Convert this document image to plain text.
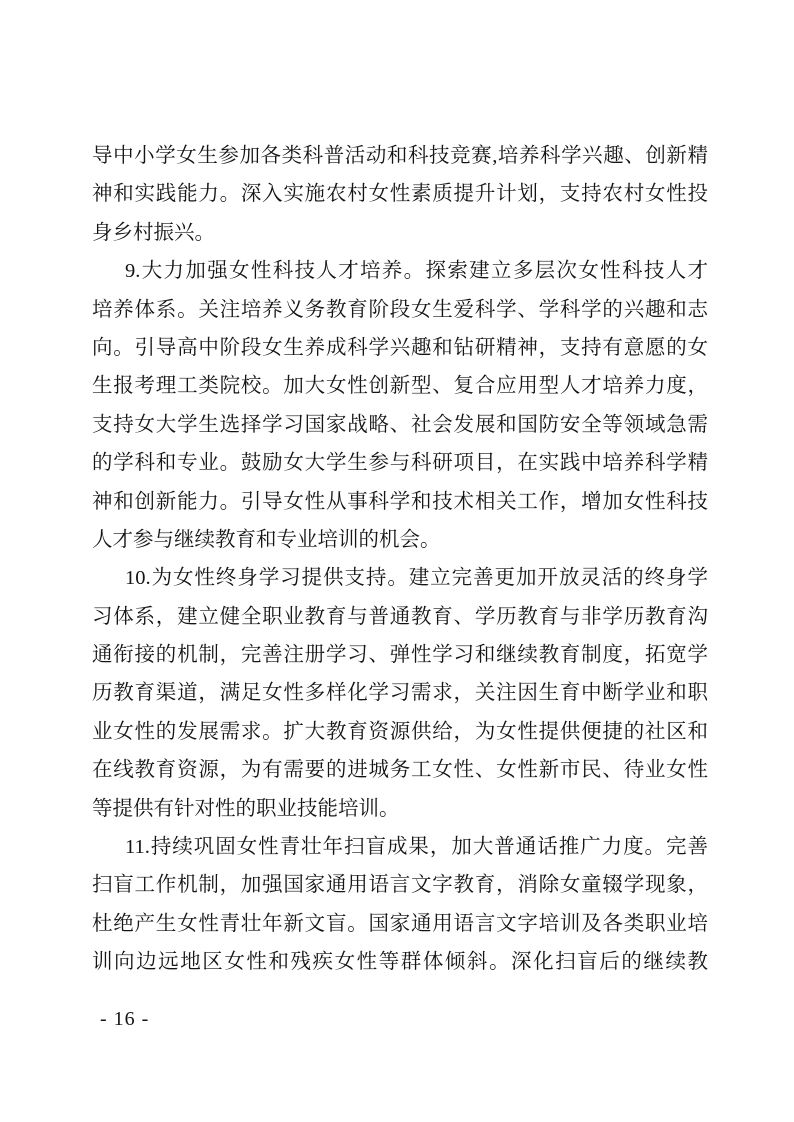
导中小学女生参加各类科普活动和科技竞赛,培养科学兴趣、创新精
神和实践能力。深入实施农村女性素质提升计划，支持农村女性投
身乡村振兴。
9.大力加强女性科技人才培养。探索建立多层次女性科技人才
培养体系。关注培养义务教育阶段女生爱科学、学科学的兴趣和志
向。引导高中阶段女生养成科学兴趣和钻研精神，支持有意愿的女
生报考理工类院校。加大女性创新型、复合应用型人才培养力度，
支持女大学生选择学习国家战略、社会发展和国防安全等领域急需
的学科和专业。鼓励女大学生参与科研项目，在实践中培养科学精
神和创新能力。引导女性从事科学和技术相关工作，增加女性科技
人才参与继续教育和专业培训的机会。
10.为女性终身学习提供支持。建立完善更加开放灵活的终身学
习体系，建立健全职业教育与普通教育、学历教育与非学历教育沟
通衔接的机制，完善注册学习、弹性学习和继续教育制度，拓宽学
历教育渠道，满足女性多样化学习需求，关注因生育中断学业和职
业女性的发展需求。扩大教育资源供给，为女性提供便捷的社区和
在线教育资源，为有需要的进城务工女性、女性新市民、待业女性
等提供有针对性的职业技能培训。
11.持续巩固女性青壮年扫盲成果，加大普通话推广力度。完善
扫盲工作机制，加强国家通用语言文字教育，消除女童辍学现象，
杜绝产生女性青壮年新文盲。国家通用语言文字培训及各类职业培
训向边远地区女性和残疾女性等群体倾斜。深化扫盲后的继续教
- 16 -
